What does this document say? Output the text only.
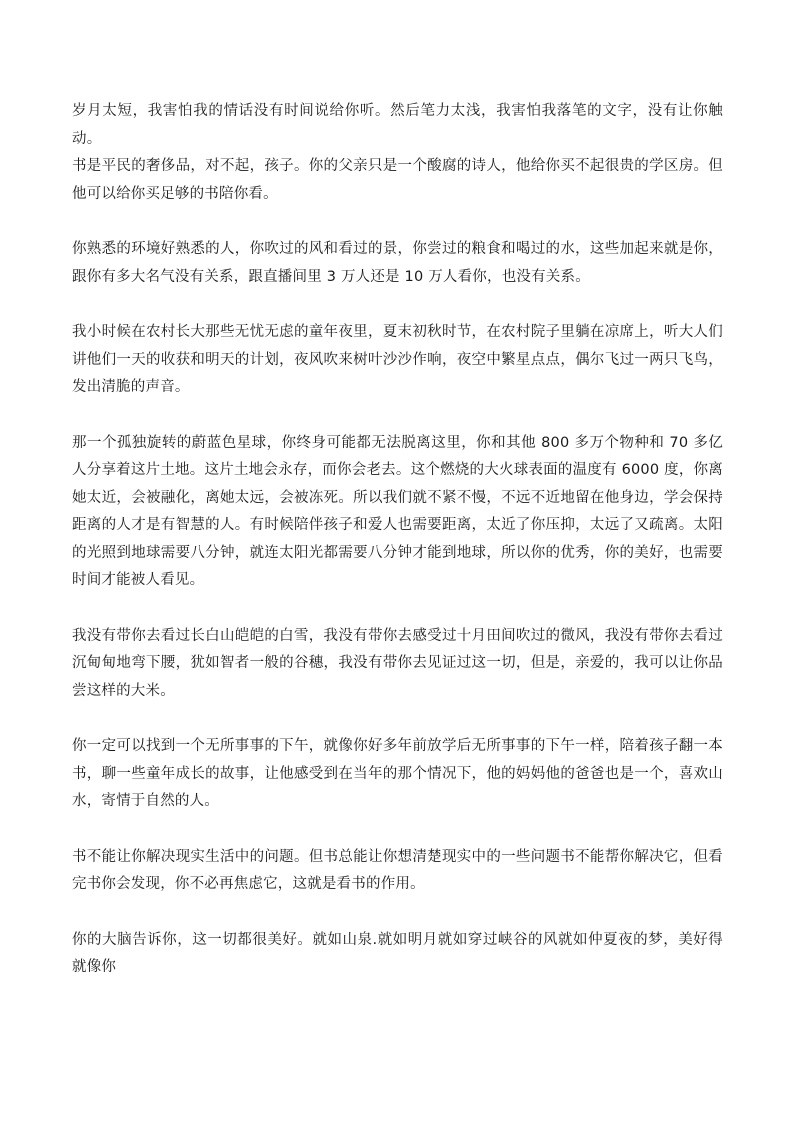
岁月太短，我害怕我的情话没有时间说给你听。然后笔力太浅，我害怕我落笔的文字，没有让你触动。

书是平民的奢侈品，对不起，孩子。你的父亲只是一个酸腐的诗人，他给你买不起很贵的学区房。但他可以给你买足够的书陪你看。

你熟悉的环境好熟悉的人，你吹过的风和看过的景，你尝过的粮食和喝过的水，这些加起来就是你，跟你有多大名气没有关系，跟直播间里 3 万人还是 10 万人看你，也没有关系。

我小时候在农村长大那些无忧无虑的童年夜里，夏末初秋时节，在农村院子里躺在凉席上，听大人们讲他们一天的收获和明天的计划，夜风吹来树叶沙沙作响，夜空中繁星点点，偶尔飞过一两只飞鸟，发出清脆的声音。

那一个孤独旋转的蔚蓝色星球，你终身可能都无法脱离这里，你和其他 800 多万个物种和 70 多亿人分享着这片土地。这片土地会永存，而你会老去。这个燃烧的大火球表面的温度有 6000 度，你离她太近，会被融化，离她太远，会被冻死。所以我们就不紧不慢，不远不近地留在他身边，学会保持距离的人才是有智慧的人。有时候陪伴孩子和爱人也需要距离，太近了你压抑，太远了又疏离。太阳的光照到地球需要八分钟，就连太阳光都需要八分钟才能到地球，所以你的优秀，你的美好，也需要时间才能被人看见。

我没有带你去看过长白山皑皑的白雪，我没有带你去感受过十月田间吹过的微风，我没有带你去看过沉甸甸地弯下腰，犹如智者一般的谷穗，我没有带你去见证过这一切，但是，亲爱的，我可以让你品尝这样的大米。

你一定可以找到一个无所事事的下午，就像你好多年前放学后无所事事的下午一样，陪着孩子翻一本书，聊一些童年成长的故事，让他感受到在当年的那个情况下，他的妈妈他的爸爸也是一个，喜欢山水，寄情于自然的人。

书不能让你解决现实生活中的问题。但书总能让你想清楚现实中的一些问题书不能帮你解决它，但看完书你会发现，你不必再焦虑它，这就是看书的作用。

你的大脑告诉你，这一切都很美好。就如山泉.就如明月就如穿过峡谷的风就如仲夏夜的梦，美好得就像你
